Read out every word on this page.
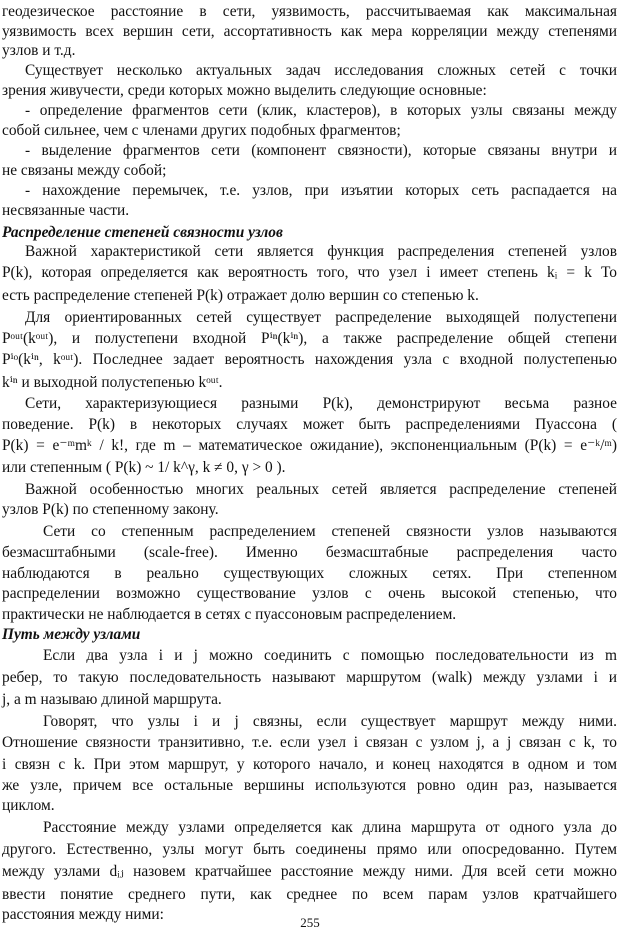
геодезическое расстояние в сети, уязвимость, рассчитываемая как максимальная
уязвимость всех вершин сети, ассортативность как мера корреляции между степенями
узлов и т.д.
Существует несколько актуальных задач исследования сложных сетей с точки
зрения живучести, среди которых можно выделить следующие основные:
- определение фрагментов сети (клик, кластеров), в которых узлы связаны между
собой сильнее, чем с членами других подобных фрагментов;
- выделение фрагментов сети (компонент связности), которые связаны внутри и
не связаны между собой;
- нахождение перемычек, т.е. узлов, при изъятии которых сеть распадается на
несвязанные части.
Распределение степеней связности узлов
Важной характеристикой сети является функция распределения степеней узлов
P(k), которая определяется как вероятность того, что узел i имеет степень kᵢ = k То
есть распределение степеней P(k) отражает долю вершин со степенью k.
Для ориентированных сетей существует распределение выходящей полустепени
Pᵒᵘᵗ(kᵒᵘᵗ), и полустепени входной Pⁱⁿ(kⁱⁿ), а также распределение общей степени
Pⁱᵒ(kⁱⁿ, kᵒᵘᵗ). Последнее задает вероятность нахождения узла с входной полустепенью
kⁱⁿ и выходной полустепенью kᵒᵘᵗ.
Сети, характеризующиеся разными P(k), демонстрируют весьма разное
поведение. P(k) в некоторых случаях может быть распределениями Пуассона (
P(k) = e⁻ᵐmᵏ / k!, где m – математическое ожидание), экспоненциальным (P(k) = e⁻ᵏ/ᵐ)
или степенным ( P(k) ~ 1/ k^γ, k ≠ 0, γ > 0 ).
Важной особенностью многих реальных сетей является распределение степеней
узлов P(k) по степенному закону.
Сети со степенным распределением степеней связности узлов называются
безмасштабными (scale-free). Именно безмасштабные распределения часто
наблюдаются в реально существующих сложных сетях. При степенном
распределении возможно существование узлов с очень высокой степенью, что
практически не наблюдается в сетях с пуассоновым распределением.
Путь между узлами
Если два узла i и j можно соединить с помощью последовательности из m
ребер, то такую последовательность называют маршрутом (walk) между узлами i и
j, а m называю длиной маршрута.
Говорят, что узлы i и j связны, если существует маршрут между ними.
Отношение связности транзитивно, т.е. если узел i связан с узлом j, а j связан с k, то
i связн с k. При этом маршрут, у которого начало, и конец находятся в одном и том
же узле, причем все остальные вершины используются ровно один раз, называется
циклом.
Расстояние между узлами определяется как длина маршрута от одного узла до
другого. Естественно, узлы могут быть соединены прямо или опосредованно. Путем
между узлами dᵢⱼ назовем кратчайшее расстояние между ними. Для всей сети можно
ввести понятие среднего пути, как среднее по всем парам узлов кратчайшего
расстояния между ними:	255
